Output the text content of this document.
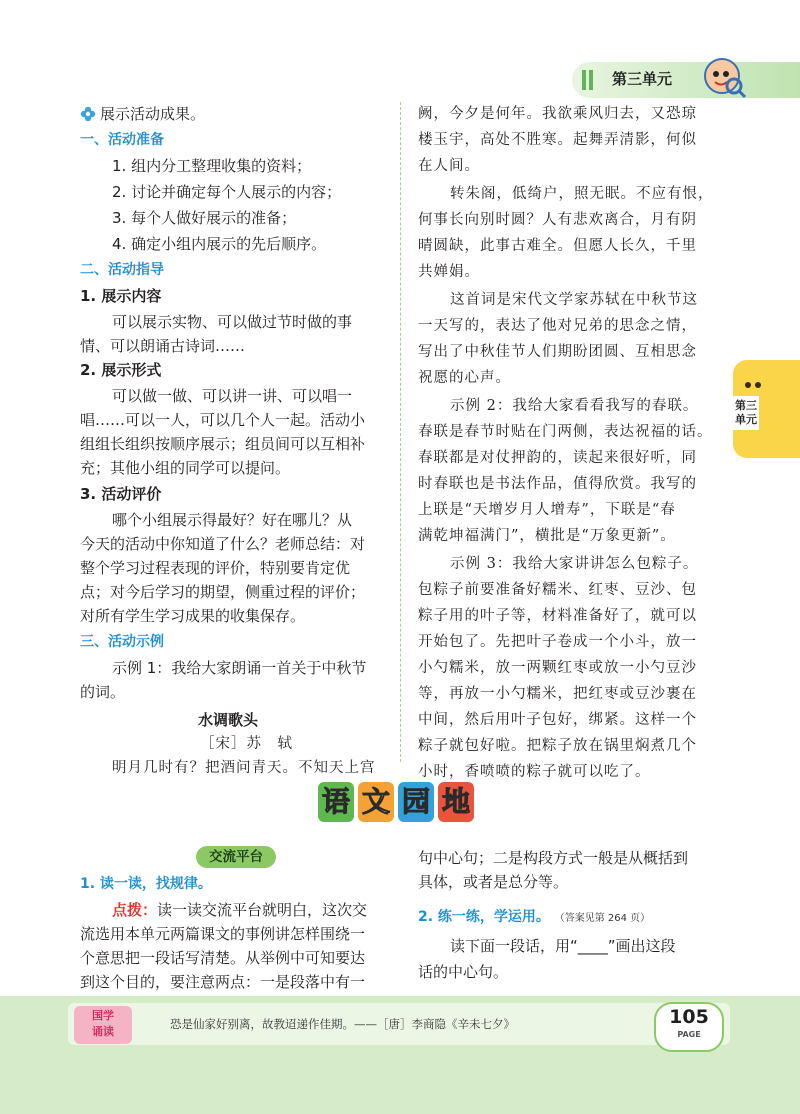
第三单元
展示活动成果。
一、活动准备
1. 组内分工整理收集的资料；
2. 讨论并确定每个人展示的内容；
3. 每个人做好展示的准备；
4. 确定小组内展示的先后顺序。
二、活动指导
1. 展示内容
可以展示实物、可以做过节时做的事
情、可以朗诵古诗词……
2. 展示形式
可以做一做、可以讲一讲、可以唱一
唱……可以一人，可以几个人一起。活动小
组组长组织按顺序展示；组员间可以互相补
充；其他小组的同学可以提问。
3. 活动评价
哪个小组展示得最好？好在哪儿？从
今天的活动中你知道了什么？老师总结：对
整个学习过程表现的评价，特别要肯定优
点；对今后学习的期望，侧重过程的评价；
对所有学生学习成果的收集保存。
三、活动示例
示例 1：我给大家朗诵一首关于中秋节
的词。
水调歌头
［宋］苏　轼
明月几时有？把酒问青天。不知天上宫
阙，今夕是何年。我欲乘风归去，又恐琼
楼玉宇，高处不胜寒。起舞弄清影，何似
在人间。
转朱阁，低绮户，照无眠。不应有恨，
何事长向别时圆？人有悲欢离合，月有阴
晴圆缺，此事古难全。但愿人长久，千里
共婵娟。
这首词是宋代文学家苏轼在中秋节这
一天写的，表达了他对兄弟的思念之情，
写出了中秋佳节人们期盼团圆、互相思念
祝愿的心声。
示例 2：我给大家看看我写的春联。
春联是春节时贴在门两侧，表达祝福的话。
春联都是对仗押韵的，读起来很好听，同
时春联也是书法作品，值得欣赏。我写的
上联是“天增岁月人增寿”，下联是“春
满乾坤福满门”，横批是“万象更新”。
示例 3：我给大家讲讲怎么包粽子。
包粽子前要准备好糯米、红枣、豆沙、包
粽子用的叶子等，材料准备好了，就可以
开始包了。先把叶子卷成一个小斗，放一
小勺糯米，放一两颗红枣或放一小勺豆沙
等，再放一小勺糯米，把红枣或豆沙裹在
中间，然后用叶子包好，绑紧。这样一个
粽子就包好啦。把粽子放在锅里焖煮几个
小时，香喷喷的粽子就可以吃了。
第三单元
语 文 园 地
交流平台
1. 读一读，找规律。
点拨：读一读交流平台就明白，这次交
流选用本单元两篇课文的事例讲怎样围绕一
个意思把一段话写清楚。从举例中可知要达
到这个目的，要注意两点：一是段落中有一
句中心句；二是构段方式一般是从概括到
具体，或者是总分等。
2. 练一练，学运用。 （答案见第 264 页）
读下面一段话，用“____”画出这段
话的中心句。
国学
诵读
恐是仙家好别离，故教迢递作佳期。——［唐］李商隐《辛未七夕》	105
PAGE
